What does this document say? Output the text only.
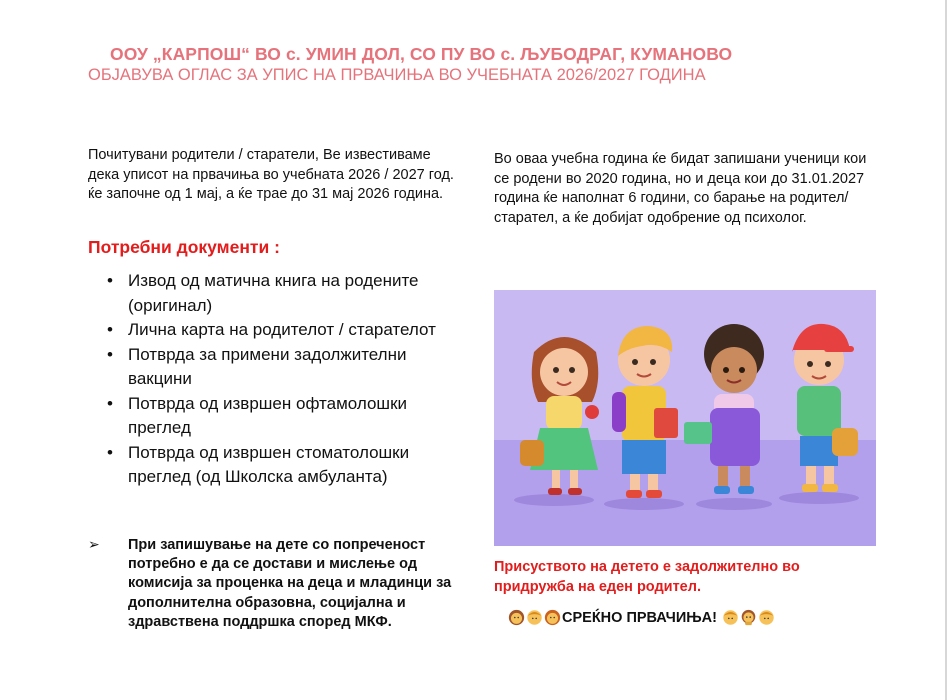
ООУ „КАРПОШ“ ВО с. УМИН ДОЛ, СО ПУ ВО с. ЉУБОДРАГ, КУМАНОВО
ОБЈАВУВА ОГЛАС ЗА УПИС НА ПРВАЧИЊА ВО УЧЕБНАТА 2026/2027 ГОДИНА
Почитувани родители / старатели, Ве известиваме дека уписот на првачиња во учебната 2026 / 2027 год. ќе започне од 1 мај, а ќе трае до 31 мај 2026 година.
Потребни документи :
• Извод од матична книга на родените (оригинал)
• Лична карта на родителот / старателот
• Потврда за примени задолжителни вакцини
• Потврда од извршен офтамолошки преглед
• Потврда од извршен стоматолошки преглед (од Школска амбуланта)
➢ При запишување на дете со попреченост потребно е да се достави и мислење од комисија за проценка на деца и младинци за дополнителна образовна, социјална и здравствена поддршка според МКФ.
Во оваа учебна година ќе бидат запишани ученици кои се родени во 2020 година, но и деца кои до 31.01.2027 година ќе наполнат 6 години, со барање на родител/старател, а ќе добијат одобрение од психолог.
Присуството на детето е задолжително во придружба на еден родител.
СРЕЌНО ПРВАЧИЊА!
